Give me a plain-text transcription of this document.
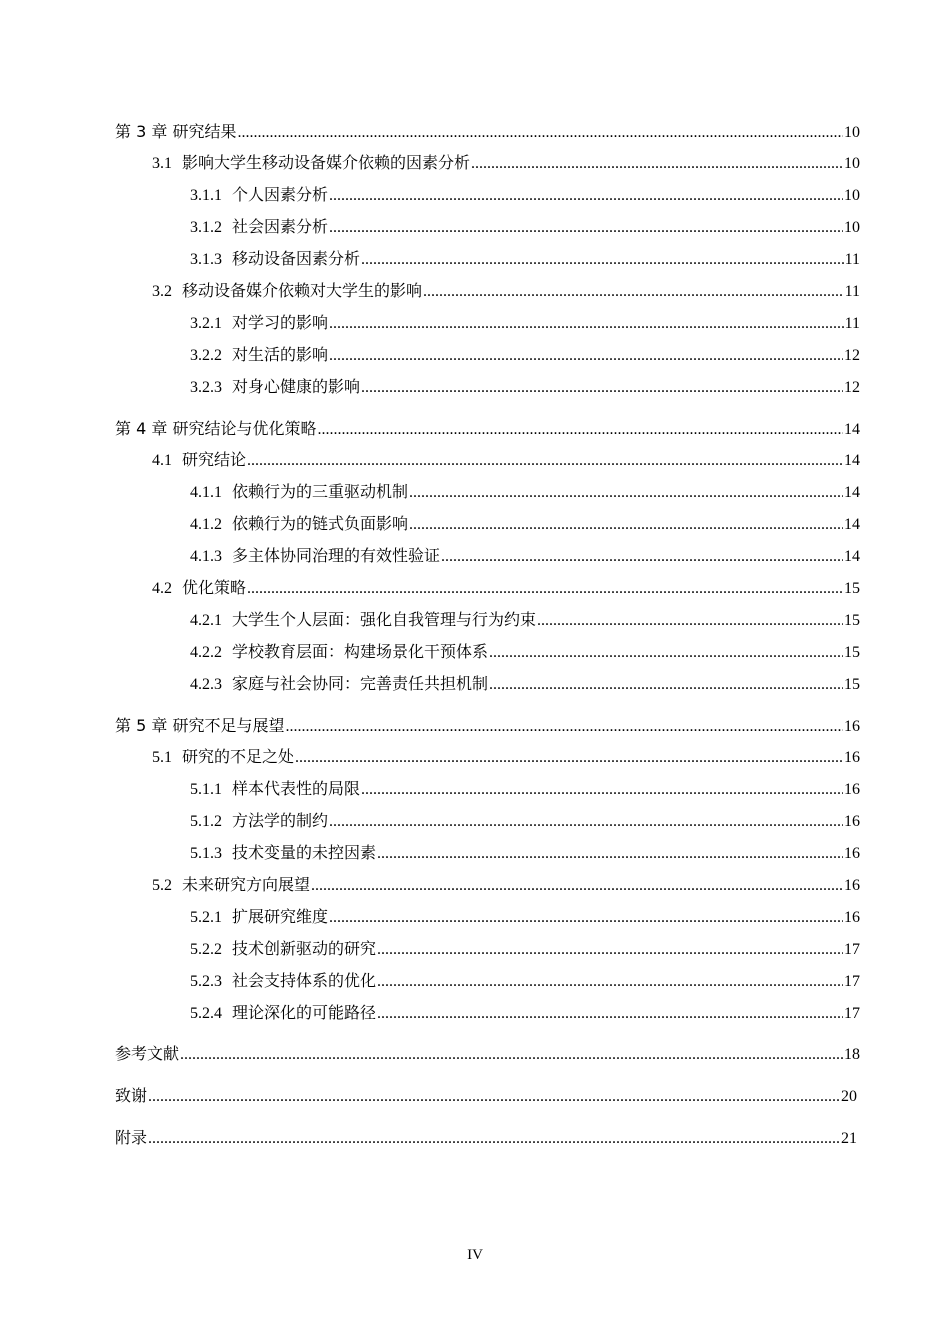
第 3 章 研究结果 .....	10
3.1 影响大学生移动设备媒介依赖的因素分析 .....	10
3.1.1 个人因素分析 .....	10
3.1.2 社会因素分析 .....	10
3.1.3 移动设备因素分析 .....	11
3.2 移动设备媒介依赖对大学生的影响 .....	11
3.2.1 对学习的影响 .....	11
3.2.2 对生活的影响 .....	12
3.2.3 对身心健康的影响 .....	12
第 4 章 研究结论与优化策略 .....	14
4.1 研究结论 .....	14
4.1.1 依赖行为的三重驱动机制 .....	14
4.1.2 依赖行为的链式负面影响 .....	14
4.1.3 多主体协同治理的有效性验证 .....	14
4.2 优化策略 .....	15
4.2.1 大学生个人层面：强化自我管理与行为约束 .....	15
4.2.2 学校教育层面：构建场景化干预体系 .....	15
4.2.3 家庭与社会协同：完善责任共担机制 .....	15
第 5 章 研究不足与展望 .....	16
5.1 研究的不足之处 .....	16
5.1.1 样本代表性的局限 .....	16
5.1.2 方法学的制约 .....	16
5.1.3 技术变量的未控因素 .....	16
5.2 未来研究方向展望 .....	16
5.2.1 扩展研究维度 .....	16
5.2.2 技术创新驱动的研究 .....	17
5.2.3 社会支持体系的优化 .....	17
5.2.4 理论深化的可能路径 .....	17
参考文献 .....	18
致谢 .....	20
附录 .....	21
IV
